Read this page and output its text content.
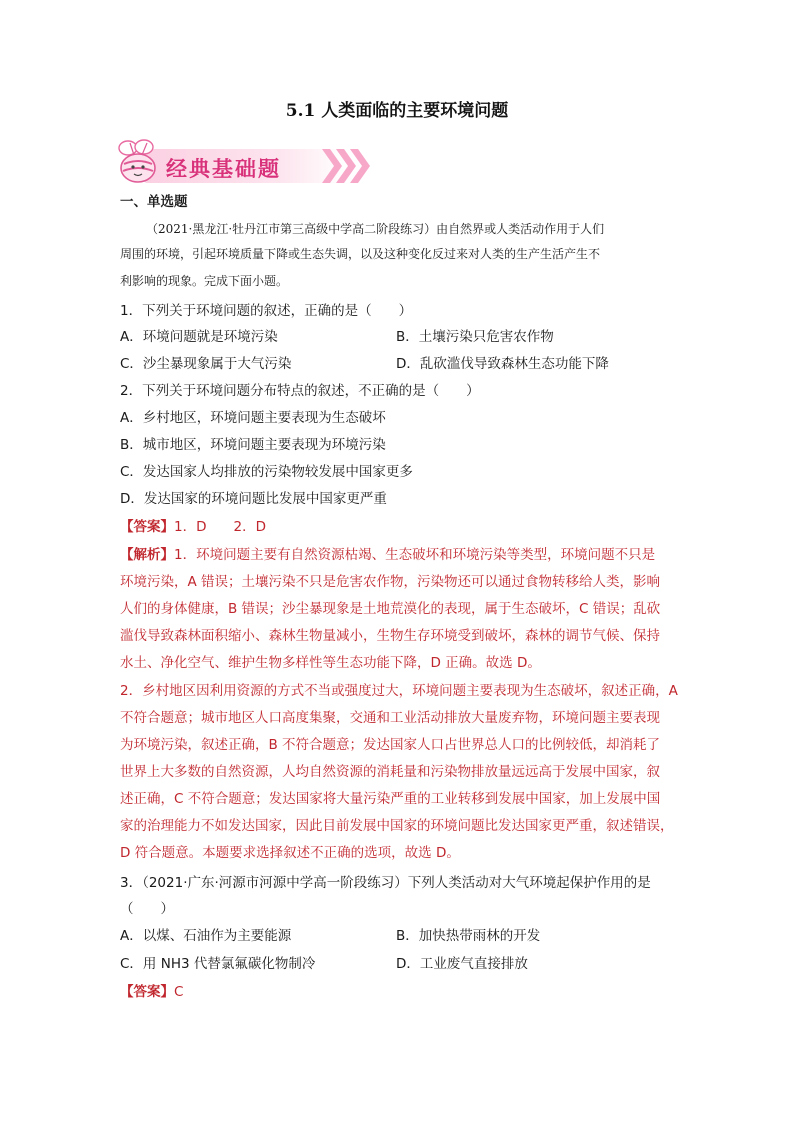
5.1 人类面临的主要环境问题
经典基础题
一、单选题
（2021·黑龙江·牡丹江市第三高级中学高二阶段练习）由自然界或人类活动作用于人们
周围的环境，引起环境质量下降或生态失调，以及这种变化反过来对人类的生产生活产生不
利影响的现象。完成下面小题。
1．下列关于环境问题的叙述，正确的是（　　）
A．环境问题就是环境污染	B．土壤污染只危害农作物
C．沙尘暴现象属于大气污染	D．乱砍滥伐导致森林生态功能下降
2．下列关于环境问题分布特点的叙述，不正确的是（　　）
A．乡村地区，环境问题主要表现为生态破坏
B．城市地区，环境问题主要表现为环境污染
C．发达国家人均排放的污染物较发展中国家更多
D．发达国家的环境问题比发展中国家更严重
【答案】1．D　　2．D
【解析】1．环境问题主要有自然资源枯竭、生态破坏和环境污染等类型，环境问题不只是
环境污染，A 错误；土壤污染不只是危害农作物，污染物还可以通过食物转移给人类，影响
人们的身体健康，B 错误；沙尘暴现象是土地荒漠化的表现，属于生态破坏，C 错误；乱砍
滥伐导致森林面积缩小、森林生物量减小，生物生存环境受到破坏，森林的调节气候、保持
水土、净化空气、维护生物多样性等生态功能下降，D 正确。故选 D。
2．乡村地区因利用资源的方式不当或强度过大，环境问题主要表现为生态破坏，叙述正确，A
不符合题意；城市地区人口高度集聚，交通和工业活动排放大量废弃物，环境问题主要表现
为环境污染，叙述正确，B 不符合题意；发达国家人口占世界总人口的比例较低，却消耗了
世界上大多数的自然资源，人均自然资源的消耗量和污染物排放量远远高于发展中国家，叙
述正确，C 不符合题意；发达国家将大量污染严重的工业转移到发展中国家，加上发展中国
家的治理能力不如发达国家，因此目前发展中国家的环境问题比发达国家更严重，叙述错误，
D 符合题意。本题要求选择叙述不正确的选项，故选 D。
3．（2021·广东·河源市河源中学高一阶段练习）下列人类活动对大气环境起保护作用的是
（　　）
A．以煤、石油作为主要能源	B．加快热带雨林的开发
C．用 NH3 代替氯氟碳化物制冷	D．工业废气直接排放
【答案】C
